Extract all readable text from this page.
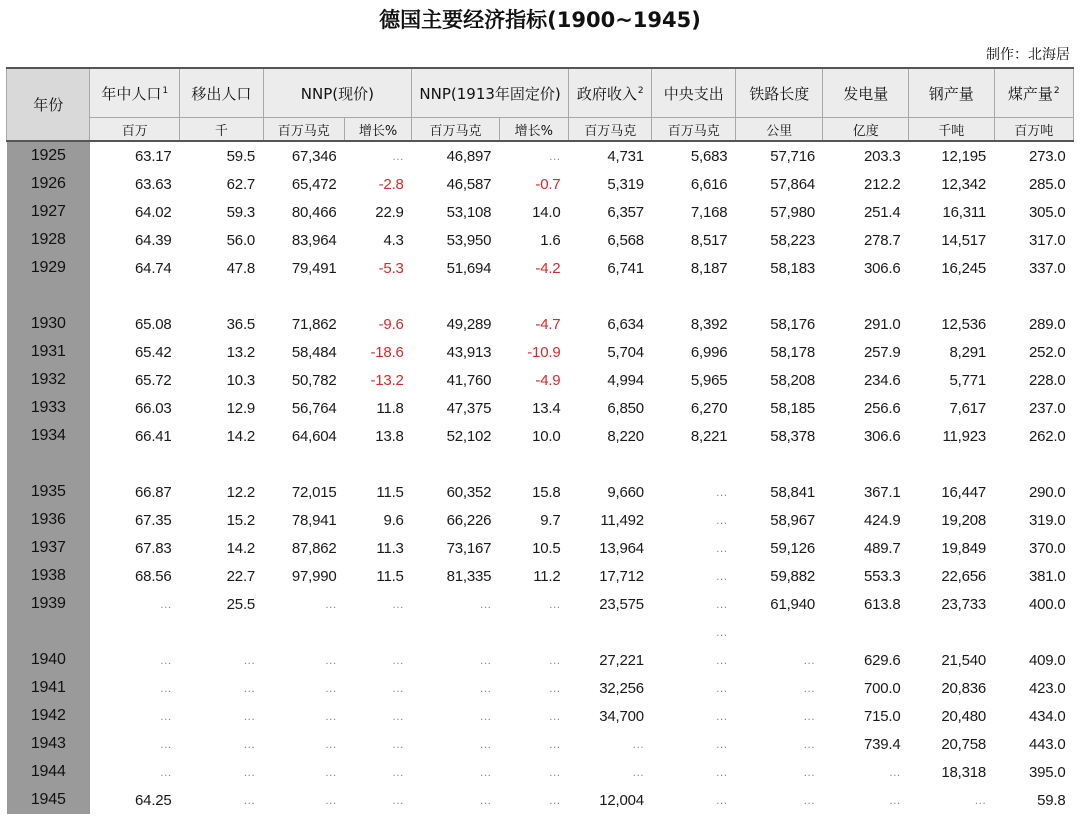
德国主要经济指标(1900~1945)
制作：北海居
年份	年中人口$^1$	移出人口	NNP(现价)		NNP(1913年固定价)		政府收入$^2$	中央支出	铁路长度	发电量	钢产量	煤产量$^2$
	百万	千	百万马克	增长%	百万马克	增长%	百万马克	百万马克	公里	亿度	千吨	百万吨
1925	63.17	59.5	67,346	…	46,897	…	4,731	5,683	57,716	203.3	12,195	273.0
1926	63.63	62.7	65,472	-2.8	46,587	-0.7	5,319	6,616	57,864	212.2	12,342	285.0
1927	64.02	59.3	80,466	22.9	53,108	14.0	6,357	7,168	57,980	251.4	16,311	305.0
1928	64.39	56.0	83,964	4.3	53,950	1.6	6,568	8,517	58,223	278.7	14,517	317.0
1929	64.74	47.8	79,491	-5.3	51,694	-4.2	6,741	8,187	58,183	306.6	16,245	337.0

1930	65.08	36.5	71,862	-9.6	49,289	-4.7	6,634	8,392	58,176	291.0	12,536	289.0
1931	65.42	13.2	58,484	-18.6	43,913	-10.9	5,704	6,996	58,178	257.9	8,291	252.0
1932	65.72	10.3	50,782	-13.2	41,760	-4.9	4,994	5,965	58,208	234.6	5,771	228.0
1933	66.03	12.9	56,764	11.8	47,375	13.4	6,850	6,270	58,185	256.6	7,617	237.0
1934	66.41	14.2	64,604	13.8	52,102	10.0	8,220	8,221	58,378	306.6	11,923	262.0

1935	66.87	12.2	72,015	11.5	60,352	15.8	9,660	…	58,841	367.1	16,447	290.0
1936	67.35	15.2	78,941	9.6	66,226	9.7	11,492	…	58,967	424.9	19,208	319.0
1937	67.83	14.2	87,862	11.3	73,167	10.5	13,964	…	59,126	489.7	19,849	370.0
1938	68.56	22.7	97,990	11.5	81,335	11.2	17,712	…	59,882	553.3	22,656	381.0
1939	…	25.5	…	…	…	…	23,575	…	61,940	613.8	23,733	400.0
								…				
1940	…	…	…	…	…	…	27,221	…	…	629.6	21,540	409.0
1941	…	…	…	…	…	…	32,256	…	…	700.0	20,836	423.0
1942	…	…	…	…	…	…	34,700	…	…	715.0	20,480	434.0
1943	…	…	…	…	…	…	…	…	…	739.4	20,758	443.0
1944	…	…	…	…	…	…	…	…	…	…	18,318	395.0
1945	64.25	…	…	…	…	…	12,004	…	…	…	…	59.8
